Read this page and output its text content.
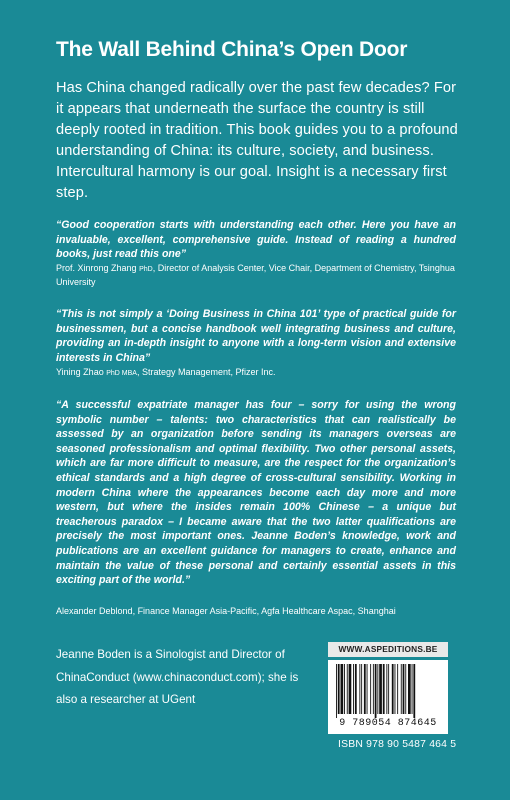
The Wall Behind China’s Open Door
Has China changed radically over the past few decades? For it appears that underneath the surface the country is still deeply rooted in tradition. This book guides you to a profound understanding of China: its culture, society, and business. Intercultural harmony is our goal. Insight is a necessary first step.
“Good cooperation starts with understanding each other. Here you have an invaluable, excellent, comprehensive guide. Instead of reading a hundred books, just read this one”
Prof. Xinrong Zhang PhD, Director of Analysis Center, Vice Chair, Department of Chemistry, Tsinghua University
“This is not simply a ‘Doing Business in China 101’ type of practical guide for businessmen, but a concise handbook well integrating business and culture, providing an in-depth insight to anyone with a long-term vision and extensive interests in China”
Yining Zhao PhD MBA, Strategy Management, Pfizer Inc.
“A successful expatriate manager has four – sorry for using the wrong symbolic number – talents: two characteristics that can realistically be assessed by an organization before sending its managers overseas are seasoned professionalism and optimal flexibility. Two other personal assets, which are far more difficult to measure, are the respect for the organization’s ethical standards and a high degree of cross-cultural sensibility. Working in modern China where the appearances become each day more and more western, but where the insides remain 100% Chinese – a unique but treacherous paradox – I became aware that the two latter qualifications are precisely the most important ones. Jeanne Boden’s knowledge, work and publications are an excellent guidance for managers to create, enhance and maintain the value of these personal and certainly essential assets in this exciting part of the world.”
Alexander Deblond, Finance Manager Asia-Pacific, Agfa Healthcare Aspac, Shanghai
Jeanne Boden is a Sinologist and Director of ChinaConduct (www.chinaconduct.com); she is also a researcher at UGent
WWW.ASPEDITIONS.BE
9 789054 874645
ISBN 978 90 5487 464 5
